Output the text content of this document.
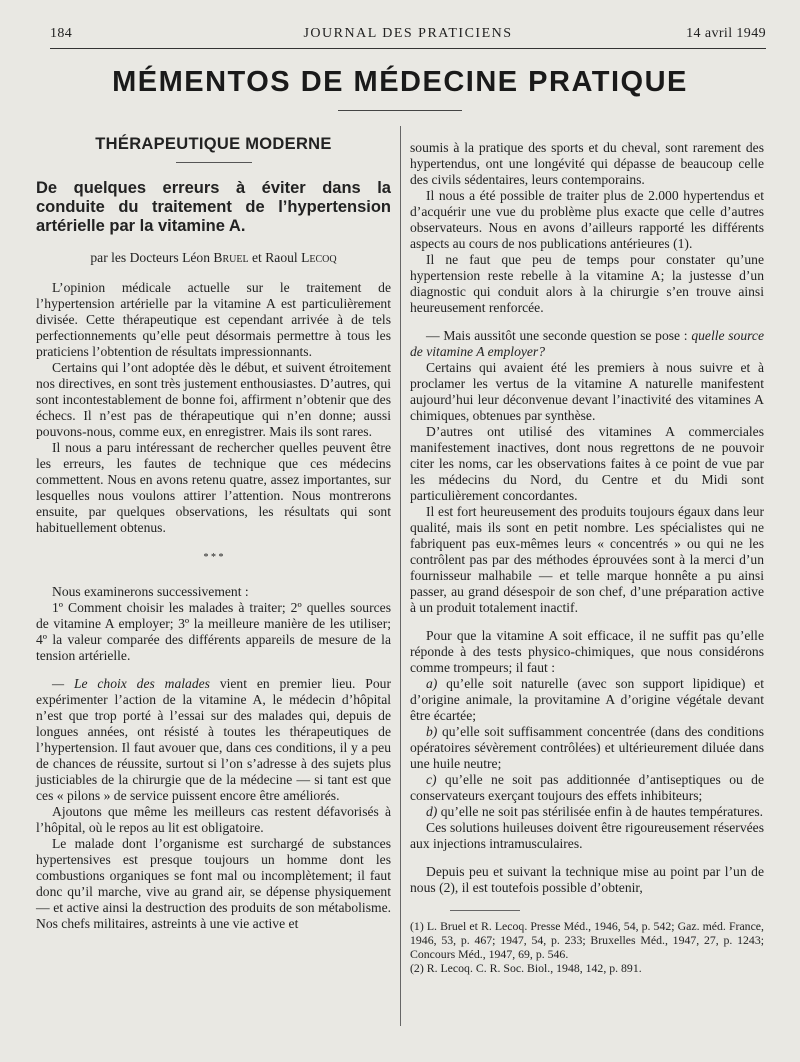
184	JOURNAL DES PRATICIENS	14 avril 1949
MÉMENTOS DE MÉDECINE PRATIQUE
THÉRAPEUTIQUE MODERNE
De quelques erreurs à éviter dans la conduite du traitement de l’hypertension artérielle par la vitamine A.
par les Docteurs Léon Bruel et Raoul Lecoq

L’opinion médicale actuelle sur le traitement de l’hypertension artérielle par la vitamine A est particulièrement divisée. Cette thérapeutique est cependant arrivée à de tels perfectionnements qu’elle peut désormais permettre à tous les praticiens l’obtention de résultats impressionnants.

Certains qui l’ont adoptée dès le début, et suivent étroitement nos directives, en sont très justement enthousiastes. D’autres, qui sont incontestablement de bonne foi, affirment n’obtenir que des échecs. Il n’est pas de thérapeutique qui n’en donne; aussi pouvons-nous, comme eux, en enregistrer. Mais ils sont rares.

Il nous a paru intéressant de rechercher quelles peuvent être les erreurs, les fautes de technique que ces médecins commettent. Nous en avons retenu quatre, assez importantes, sur lesquelles nous voulons attirer l’attention. Nous montrerons ensuite, par quelques observations, les résultats qui sont habituellement obtenus.

* * *

Nous examinerons successivement :

1º Comment choisir les malades à traiter; 2º quelles sources de vitamine A employer; 3º la meilleure manière de les utiliser; 4º la valeur comparée des différents appareils de mesure de la tension artérielle.

— Le choix des malades vient en premier lieu. Pour expérimenter l’action de la vitamine A, le médecin d’hôpital n’est que trop porté à l’essai sur des malades qui, depuis de longues années, ont résisté à toutes les thérapeutiques de l’hypertension. Il faut avouer que, dans ces conditions, il y a peu de chances de réussite, surtout si l’on s’adresse à des sujets plus justiciables de la chirurgie que de la médecine — si tant est que ces « pilons » de service puissent encore être améliorés.

Ajoutons que même les meilleurs cas restent défavorisés à l’hôpital, où le repos au lit est obligatoire.

Le malade dont l’organisme est surchargé de substances hypertensives est presque toujours un homme dont les combustions organiques se font mal ou incomplètement; il faut donc qu’il marche, vive au grand air, se dépense physiquement — et active ainsi la destruction des produits de son métabolisme. Nos chefs militaires, astreints à une vie active et

soumis à la pratique des sports et du cheval, sont rarement des hypertendus, ont une longévité qui dépasse de beaucoup celle des civils sédentaires, leurs contemporains.

Il nous a été possible de traiter plus de 2.000 hypertendus et d’acquérir une vue du problème plus exacte que celle d’autres observateurs. Nous en avons d’ailleurs rapporté les différents aspects au cours de nos publications antérieures (1).

Il ne faut que peu de temps pour constater qu’une hypertension reste rebelle à la vitamine A; la justesse d’un diagnostic qui conduit alors à la chirurgie s’en trouve ainsi heureusement renforcée.

— Mais aussitôt une seconde question se pose : quelle source de vitamine A employer?

Certains qui avaient été les premiers à nous suivre et à proclamer les vertus de la vitamine A naturelle manifestent aujourd’hui leur déconvenue devant l’inactivité des vitamines A chimiques, obtenues par synthèse.

D’autres ont utilisé des vitamines A commerciales manifestement inactives, dont nous regrettons de ne pouvoir citer les noms, car les observations faites à ce point de vue par les médecins du Nord, du Centre et du Midi sont particulièrement concordantes.

Il est fort heureusement des produits toujours égaux dans leur qualité, mais ils sont en petit nombre. Les spécialistes qui ne fabriquent pas eux-mêmes leurs « concentrés » ou qui ne les contrôlent pas par des méthodes éprouvées sont à la merci d’un fournisseur malhabile — et telle marque honnête a pu ainsi passer, au grand désespoir de son chef, d’une préparation active à un produit totalement inactif.

Pour que la vitamine A soit efficace, il ne suffit pas qu’elle réponde à des tests physico-chimiques, que nous considérons comme trompeurs; il faut :

a) qu’elle soit naturelle (avec son support lipidique) et d’origine animale, la provitamine A d’origine végétale devant être écartée;

b) qu’elle soit suffisamment concentrée (dans des conditions opératoires sévèrement contrôlées) et ultérieurement diluée dans une huile neutre;

c) qu’elle ne soit pas additionnée d’antiseptiques ou de conservateurs exerçant toujours des effets inhibiteurs;

d) qu’elle ne soit pas stérilisée enfin à de hautes températures.

Ces solutions huileuses doivent être rigoureusement réservées aux injections intramusculaires.

Depuis peu et suivant la technique mise au point par l’un de nous (2), il est toutefois possible d’obtenir,

(1) L. Bruel et R. Lecoq. Presse Méd., 1946, 54, p. 542; Gaz. méd. France, 1946, 53, p. 467; 1947, 54, p. 233; Bruxelles Méd., 1947, 27, p. 1243; Concours Méd., 1947, 69, p. 546.
(2) R. Lecoq. C. R. Soc. Biol., 1948, 142, p. 891.
